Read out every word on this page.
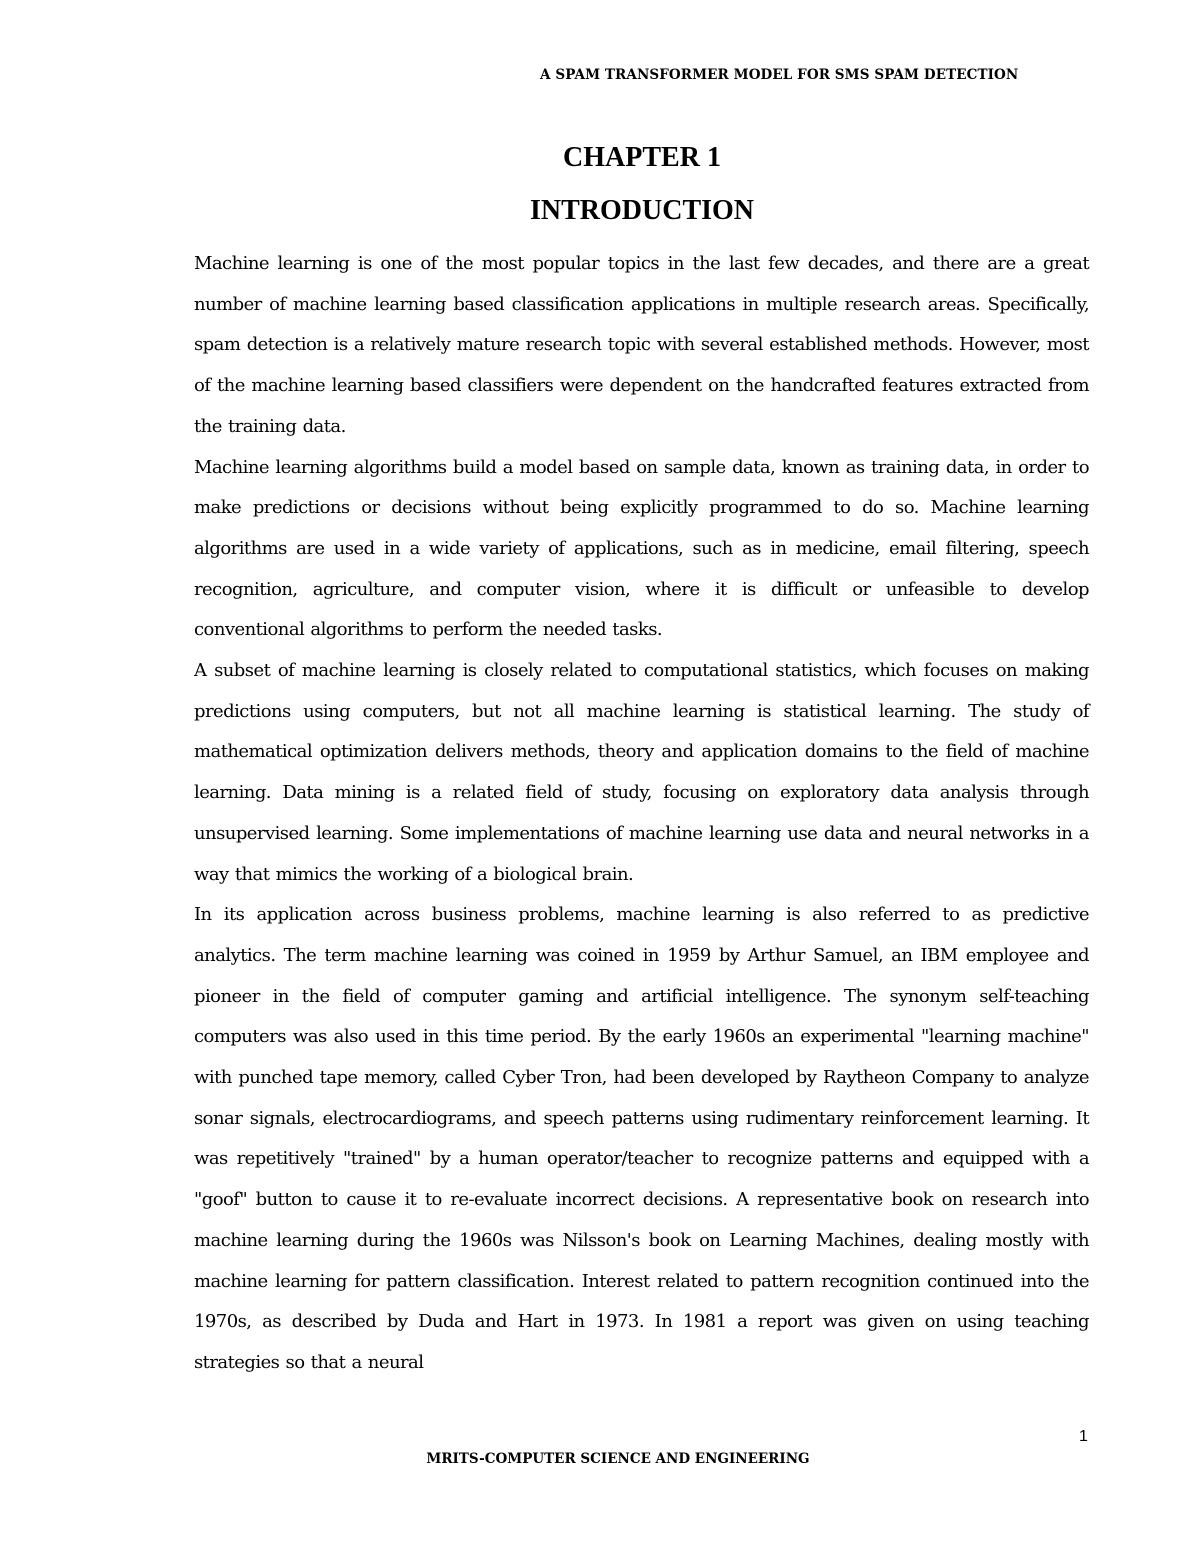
A SPAM TRANSFORMER MODEL FOR SMS SPAM DETECTION
CHAPTER 1
INTRODUCTION

Machine learning is one of the most popular topics in the last few decades, and there are a great number of machine learning based classification applications in multiple research areas. Specifically, spam detection is a relatively mature research topic with several established methods. However, most of the machine learning based classifiers were dependent on the handcrafted features extracted from the training data.

Machine learning algorithms build a model based on sample data, known as training data, in order to make predictions or decisions without being explicitly programmed to do so. Machine learning algorithms are used in a wide variety of applications, such as in medicine, email filtering, speech recognition, agriculture, and computer vision, where it is difficult or unfeasible to develop conventional algorithms to perform the needed tasks.

A subset of machine learning is closely related to computational statistics, which focuses on making predictions using computers, but not all machine learning is statistical learning. The study of mathematical optimization delivers methods, theory and application domains to the field of machine learning. Data mining is a related field of study, focusing on exploratory data analysis through unsupervised learning. Some implementations of machine learning use data and neural networks in a way that mimics the working of a biological brain.

In its application across business problems, machine learning is also referred to as predictive analytics. The term machine learning was coined in 1959 by Arthur Samuel, an IBM employee and pioneer in the field of computer gaming and artificial intelligence. The synonym self-teaching computers was also used in this time period. By the early 1960s an experimental "learning machine" with punched tape memory, called Cyber Tron, had been developed by Raytheon Company to analyze sonar signals, electrocardiograms, and speech patterns using rudimentary reinforcement learning. It was repetitively "trained" by a human operator/teacher to recognize patterns and equipped with a "goof" button to cause it to re-evaluate incorrect decisions. A representative book on research into machine learning during the 1960s was Nilsson's book on Learning Machines, dealing mostly with machine learning for pattern classification. Interest related to pattern recognition continued into the 1970s, as described by Duda and Hart in 1973. In 1981 a report was given on using teaching strategies so that a neural

1
MRITS-COMPUTER SCIENCE AND ENGINEERING
